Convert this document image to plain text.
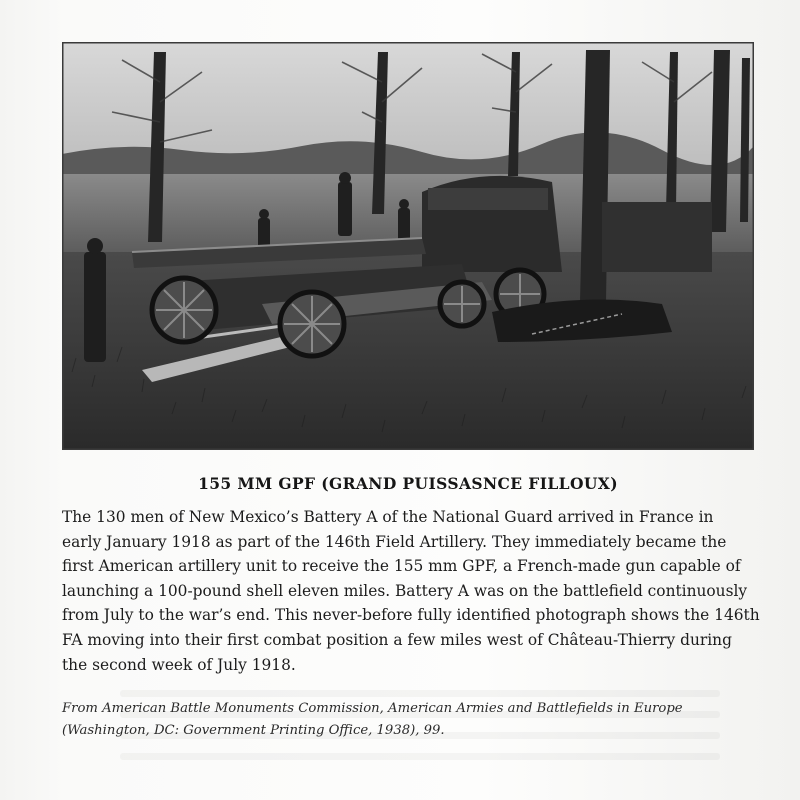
155 MM GPF (GRAND PUISSASNCE FILLOUX)

The 130 men of New Mexico’s Battery A of the National Guard arrived in France in
early January 1918 as part of the 146th Field Artillery. They immediately became the
first American artillery unit to receive the 155 mm GPF, a French-made gun capable of
launching a 100-pound shell eleven miles. Battery A was on the battlefield continuously
from July to the war’s end. This never-before fully identified photograph shows the 146th
FA moving into their first combat position a few miles west of Château-Thierry during
the second week of July 1918.

From American Battle Monuments Commission, American Armies and Battlefields in Europe
(Washington, DC: Government Printing Office, 1938), 99.
